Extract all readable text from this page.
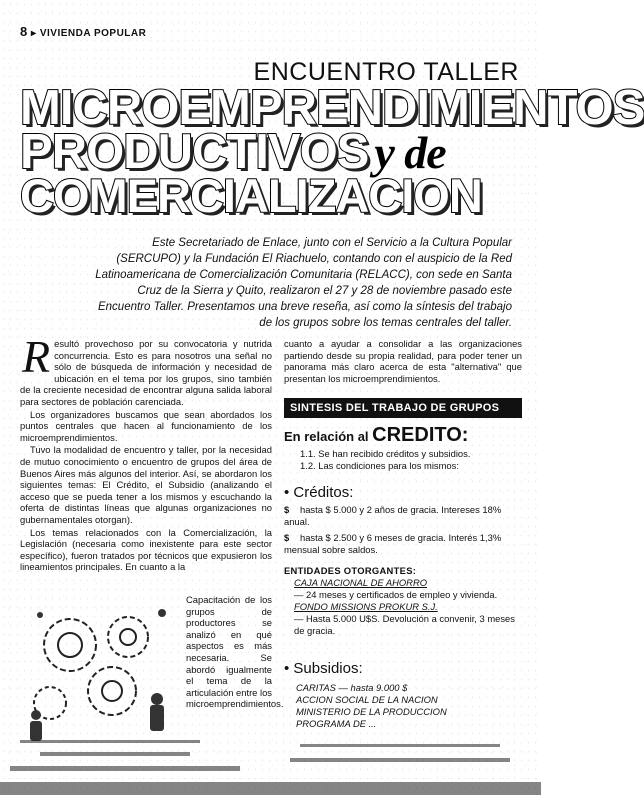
8 ▸ VIVIENDA POPULAR
ENCUENTRO TALLER
MICROEMPRENDIMIENTOS
PRODUCTIVOS y de
COMERCIALIZACION
Este Secretariado de Enlace, junto con el Servicio a la Cultura Popular
(SERCUPO) y la Fundación El Riachuelo, contando con el auspicio de la Red
Latinoamericana de Comercialización Comunitaria (RELACC), con sede en Santa
Cruz de la Sierra y Quito, realizaron el 27 y 28 de noviembre pasado este
Encuentro Taller. Presentamos una breve reseña, así como la síntesis del trabajo
de los grupos sobre los temas centrales del taller.

Resultó provechoso por su convocatoria y nutrida concurrencia. Esto es para nosotros una señal no sólo de búsqueda de información y necesidad de ubicación en el tema por los grupos, sino también de la creciente necesidad de encontrar alguna salida laboral para sectores de población carenciada.

Los organizadores buscamos que sean abordados los puntos centrales que hacen al funcionamiento de los microemprendimientos.

Tuvo la modalidad de encuentro y taller, por la necesidad de mutuo conocimiento o encuentro de grupos del área de Buenos Aires más algunos del interior. Así, se abordaron los siguientes temas: El Crédito, el Subsidio (analizando el acceso que se pueda tener a los mismos y escuchando la oferta de distintas líneas que algunas organizaciones no gubernamentales otorgan).

Los temas relacionados con la Comercialización, la Legislación (necesaria como inexistente para este sector específico), fueron tratados por técnicos que expusieron los lineamientos principales. En cuanto a la

Capacitación de los grupos de productores se analizó en qué aspectos es más necesaria. Se abordó igualmente el tema de la articulación entre los microemprendimientos.

cuanto a ayudar a consolidar a las organizaciones partiendo desde su propia realidad, para poder tener un panorama más claro acerca de esta "alternativa" que presentan los microemprendimientos.

SINTESIS DEL TRABAJO DE GRUPOS
En relación al CREDITO:
1.1. Se han recibido créditos y subsidios.
1.2. Las condiciones para los mismos:
• Créditos:
$ hasta $ 5.000 y 2 años de gracia. Intereses 18% anual.
$ hasta $ 2.500 y 6 meses de gracia. Interés 1,3% mensual sobre saldos.
ENTIDADES OTORGANTES:
CAJA NACIONAL DE AHORRO
— 24 meses y certificados de empleo y vivienda.
FONDO MISSIONS PROKUR S.J.
— Hasta 5.000 U$S. Devolución a convenir, 3 meses de gracia.
• Subsidios:
CARITAS — hasta 9.000 $
ACCION SOCIAL DE LA NACION
MINISTERIO DE LA PRODUCCION
PROGRAMA DE ...
